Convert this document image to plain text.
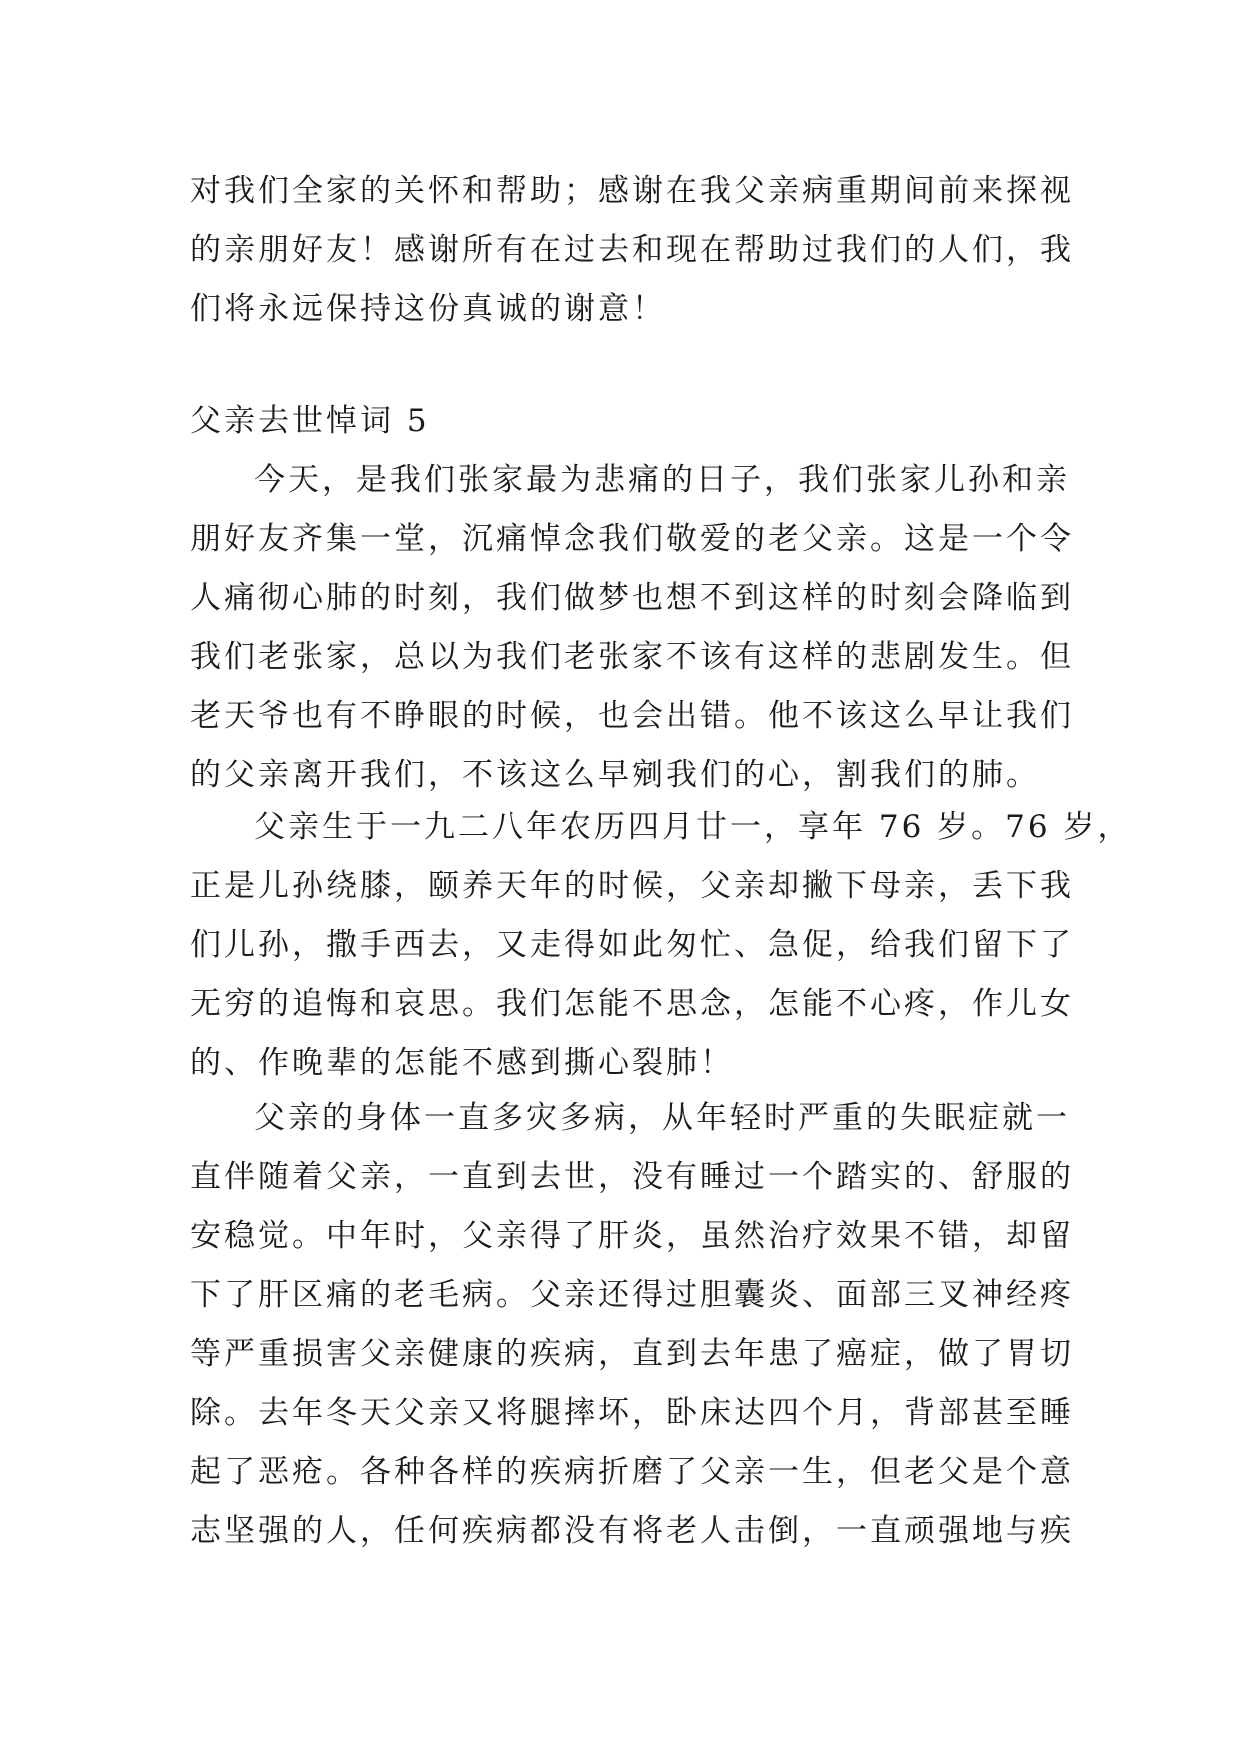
对我们全家的关怀和帮助；感谢在我父亲病重期间前来探视
的亲朋好友！感谢所有在过去和现在帮助过我们的人们，我
们将永远保持这份真诚的谢意！
父亲去世悼词 5
今天，是我们张家最为悲痛的日子，我们张家儿孙和亲
朋好友齐集一堂，沉痛悼念我们敬爱的老父亲。这是一个令
人痛彻心肺的时刻，我们做梦也想不到这样的时刻会降临到
我们老张家，总以为我们老张家不该有这样的悲剧发生。但
老天爷也有不睁眼的时候，也会出错。他不该这么早让我们
的父亲离开我们，不该这么早剜我们的心，割我们的肺。
父亲生于一九二八年农历四月廿一，享年 76 岁。76 岁，
正是儿孙绕膝，颐养天年的时候，父亲却撇下母亲，丢下我
们儿孙，撒手西去，又走得如此匆忙、急促，给我们留下了
无穷的追悔和哀思。我们怎能不思念，怎能不心疼，作儿女
的、作晚辈的怎能不感到撕心裂肺！
父亲的身体一直多灾多病，从年轻时严重的失眠症就一
直伴随着父亲，一直到去世，没有睡过一个踏实的、舒服的
安稳觉。中年时，父亲得了肝炎，虽然治疗效果不错，却留
下了肝区痛的老毛病。父亲还得过胆囊炎、面部三叉神经疼
等严重损害父亲健康的疾病，直到去年患了癌症，做了胃切
除。去年冬天父亲又将腿摔坏，卧床达四个月，背部甚至睡
起了恶疮。各种各样的疾病折磨了父亲一生，但老父是个意
志坚强的人，任何疾病都没有将老人击倒，一直顽强地与疾
